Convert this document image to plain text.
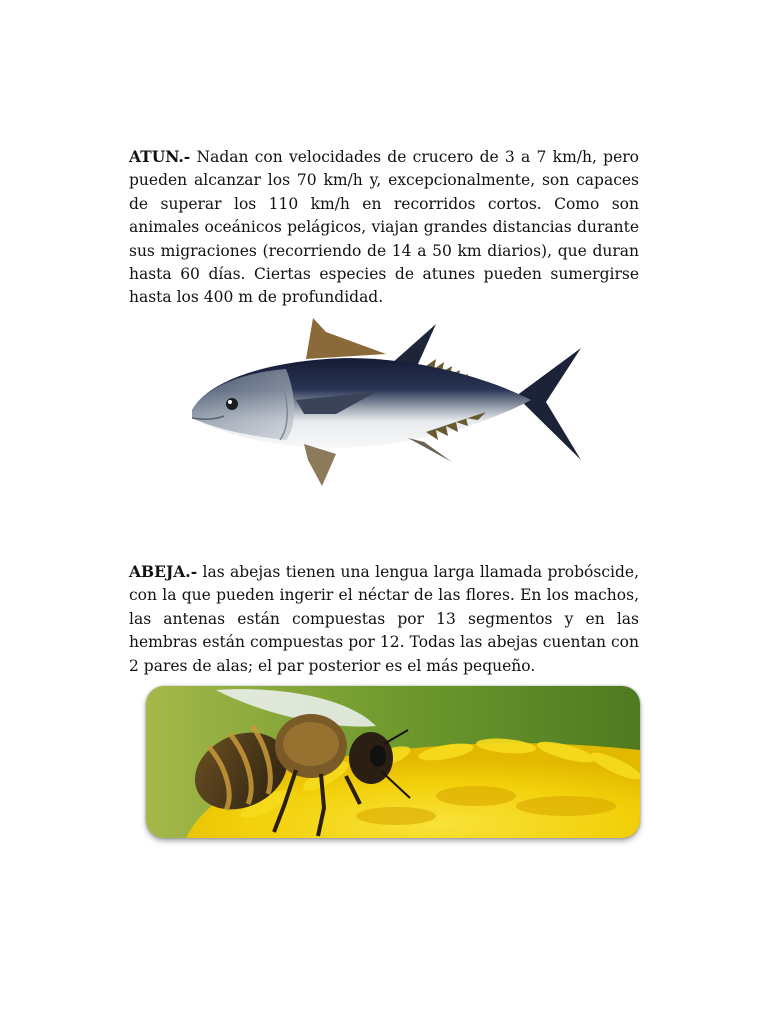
ATUN.- Nadan con velocidades de crucero de 3 a 7 km/h, pero pueden alcanzar los 70 km/h y, excepcionalmente, son capaces de superar los 110 km/h en recorridos cortos. Como son animales oceánicos pelágicos, viajan grandes distancias durante sus migraciones (recorriendo de 14 a 50 km diarios), que duran hasta 60 días. Ciertas especies de atunes pueden sumergirse hasta los 400 m de profundidad.

ABEJA.- las abejas tienen una lengua larga llamada probóscide, con la que pueden ingerir el néctar de las flores. En los machos, las antenas están compuestas por 13 segmentos y en las hembras están compuestas por 12. Todas las abejas cuentan con 2 pares de alas; el par posterior es el más pequeño.
